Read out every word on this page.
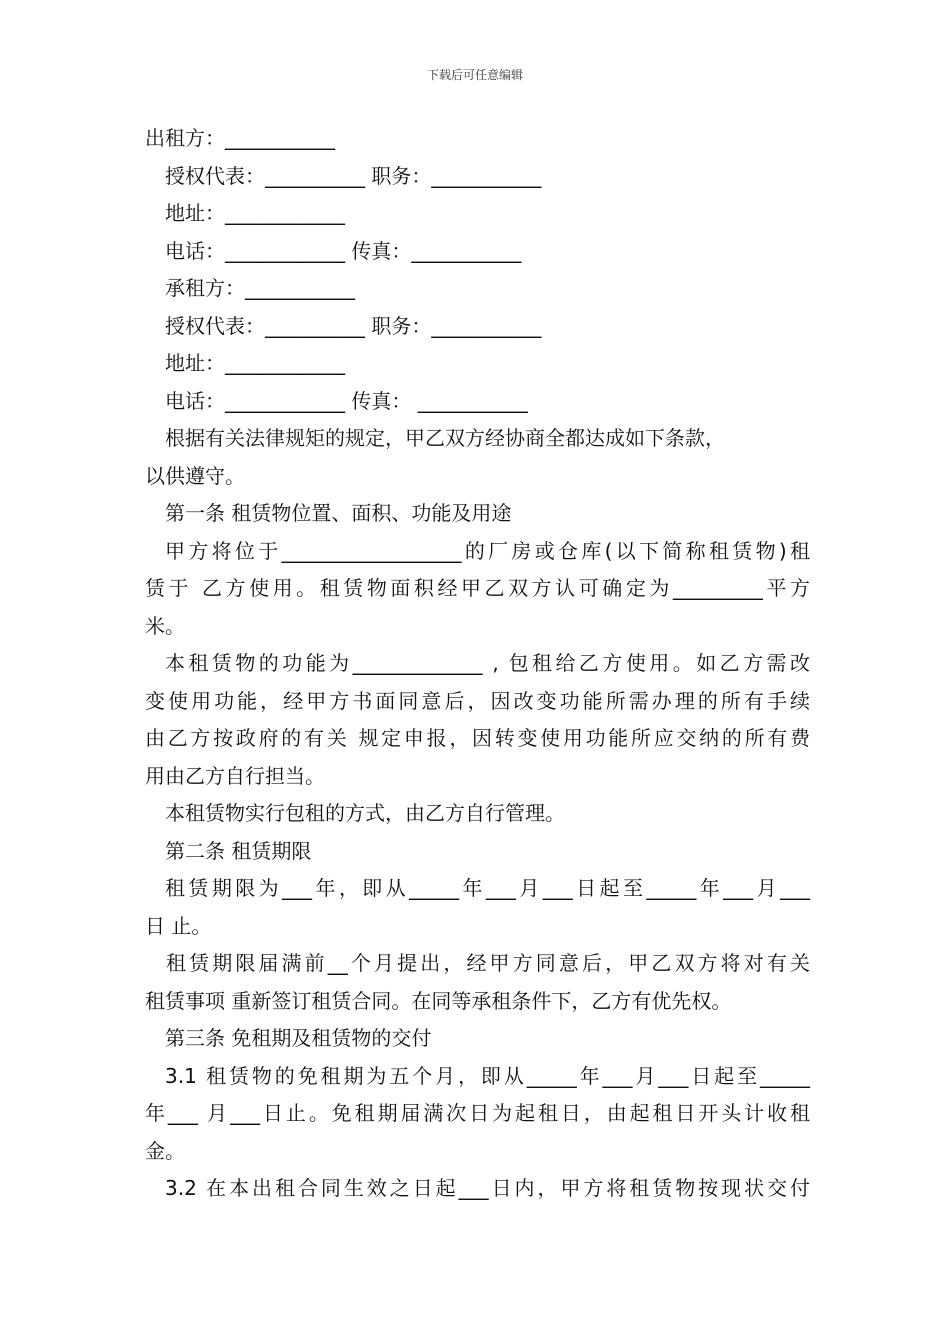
下载后可任意编辑
出租方：___________
授权代表：__________ 职务：___________
地址：____________
电话：____________ 传真：___________
承租方：___________
授权代表：__________ 职务：___________
地址：____________
电话：____________ 传真： ___________
根据有关法律规矩的规定，甲乙双方经协商全都达成如下条款，
以供遵守。
第一条 租赁物位置、面积、功能及用途
甲方将位于__________________的厂房或仓库(以下简称租赁物)租
赁于 乙方使用。租赁物面积经甲乙双方认可确定为_________平方
米。
本租赁物的功能为_____________ , 包租给乙方使用。如乙方需改
变使用功能，经甲方书面同意后，因改变功能所需办理的所有手续
由乙方按政府的有关 规定申报，因转变使用功能所应交纳的所有费
用由乙方自行担当。
本租赁物实行包租的方式，由乙方自行管理。
第二条 租赁期限
租赁期限为___年，即从_____年___月___日起至_____年___月___
日 止。
租赁期限届满前__个月提出，经甲方同意后，甲乙双方将对有关
租赁事项 重新签订租赁合同。在同等承租条件下，乙方有优先权。
第三条 免租期及租赁物的交付
3.1 租赁物的免租期为五个月，即从_____年___月___日起至_____
年___ 月___日止。免租期届满次日为起租日，由起租日开头计收租
金。
3.2 在本出租合同生效之日起___日内，甲方将租赁物按现状交付
